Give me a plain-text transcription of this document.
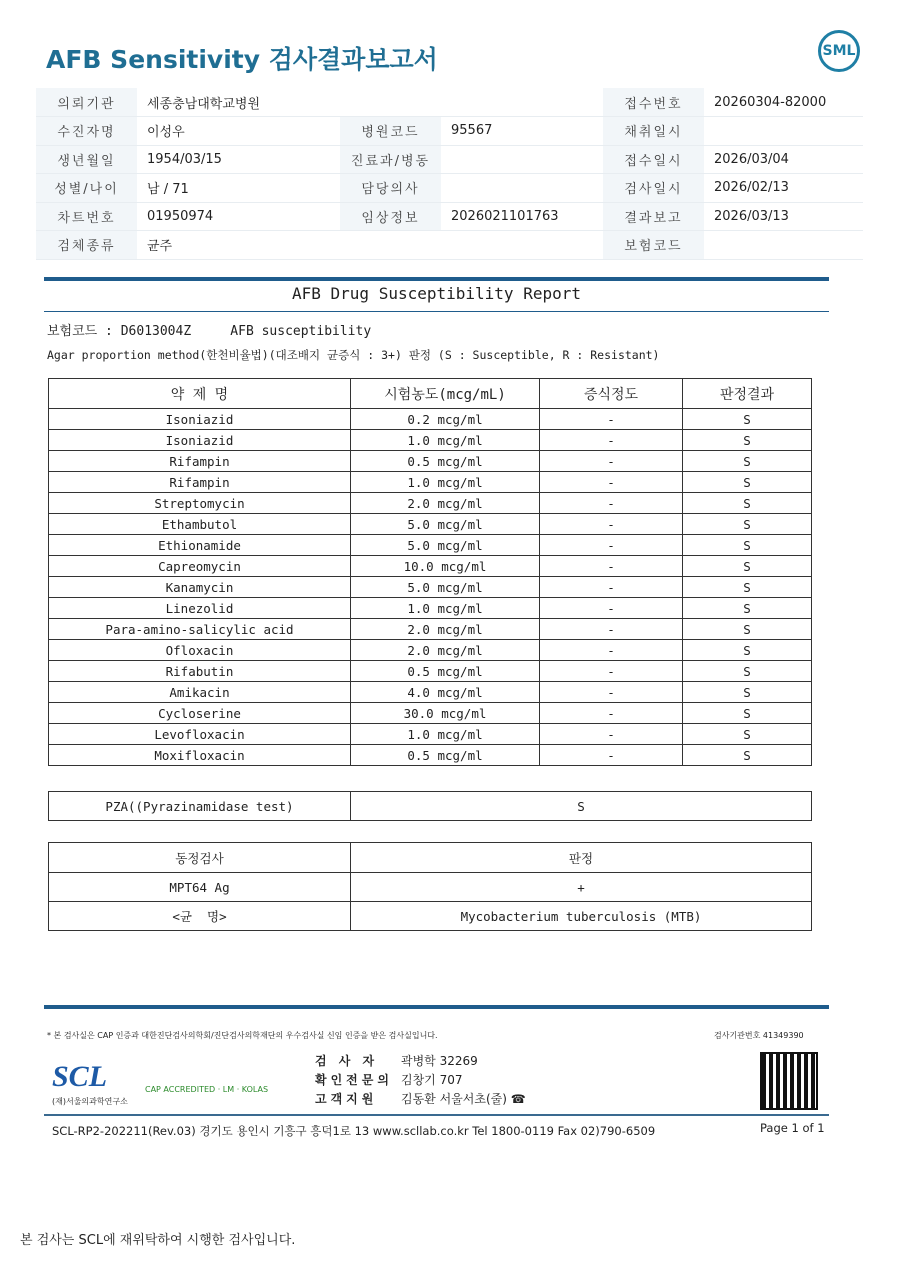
AFB Sensitivity 검사결과보고서	SML
의뢰기관	세종충남대학교병원			접수번호	20260304-82000
수진자명	이성우	병원코드	95567	채취일시	
생년월일	1954/03/15	진료과/병동		접수일시	2026/03/04
성별/나이	남 / 71	담당의사		검사일시	2026/02/13
차트번호	01950974	임상정보	2026021101763	결과보고	2026/03/13
검체종류	균주			보험코드	
AFB Drug Susceptibility Report
보험코드 : D6013004Z     AFB susceptibility
Agar proportion method(한천비율법)(대조배지 균증식 : 3+) 판정 (S : Susceptible, R : Resistant)
약 제 명	시험농도(mcg/mL)	증식정도	판정결과
Isoniazid	0.2 mcg/ml	-	S
Isoniazid	1.0 mcg/ml	-	S
Rifampin	0.5 mcg/ml	-	S
Rifampin	1.0 mcg/ml	-	S
Streptomycin	2.0 mcg/ml	-	S
Ethambutol	5.0 mcg/ml	-	S
Ethionamide	5.0 mcg/ml	-	S
Capreomycin	10.0 mcg/ml	-	S
Kanamycin	5.0 mcg/ml	-	S
Linezolid	1.0 mcg/ml	-	S
Para-amino-salicylic acid	2.0 mcg/ml	-	S
Ofloxacin	2.0 mcg/ml	-	S
Rifabutin	0.5 mcg/ml	-	S
Amikacin	4.0 mcg/ml	-	S
Cycloserine	30.0 mcg/ml	-	S
Levofloxacin	1.0 mcg/ml	-	S
Moxifloxacin	0.5 mcg/ml	-	S
PZA((Pyrazinamidase test)	S
동정검사	판정
MPT64 Ag	+
<균  명>	Mycobacterium tuberculosis (MTB)
* 본 검사실은 CAP 인증과 대한진단검사의학회/진단검사의학재단의 우수검사실 신임 인증을 받은 검사실입니다.	검사기관번호 41349390
SCL
(재)서울의과학연구소
CAP ACCREDITED · LM · KOLAS
검 사 자 곽병학 32269
확인전문의 김창기 707
고객지원 김동환 서울서초(줄) ☎
SCL-RP2-202211(Rev.03) 경기도 용인시 기흥구 흥덕1로 13 www.scllab.co.kr Tel 1800-0119 Fax 02)790-6509	Page 1 of 1
본 검사는 SCL에 재위탁하여 시행한 검사입니다.
